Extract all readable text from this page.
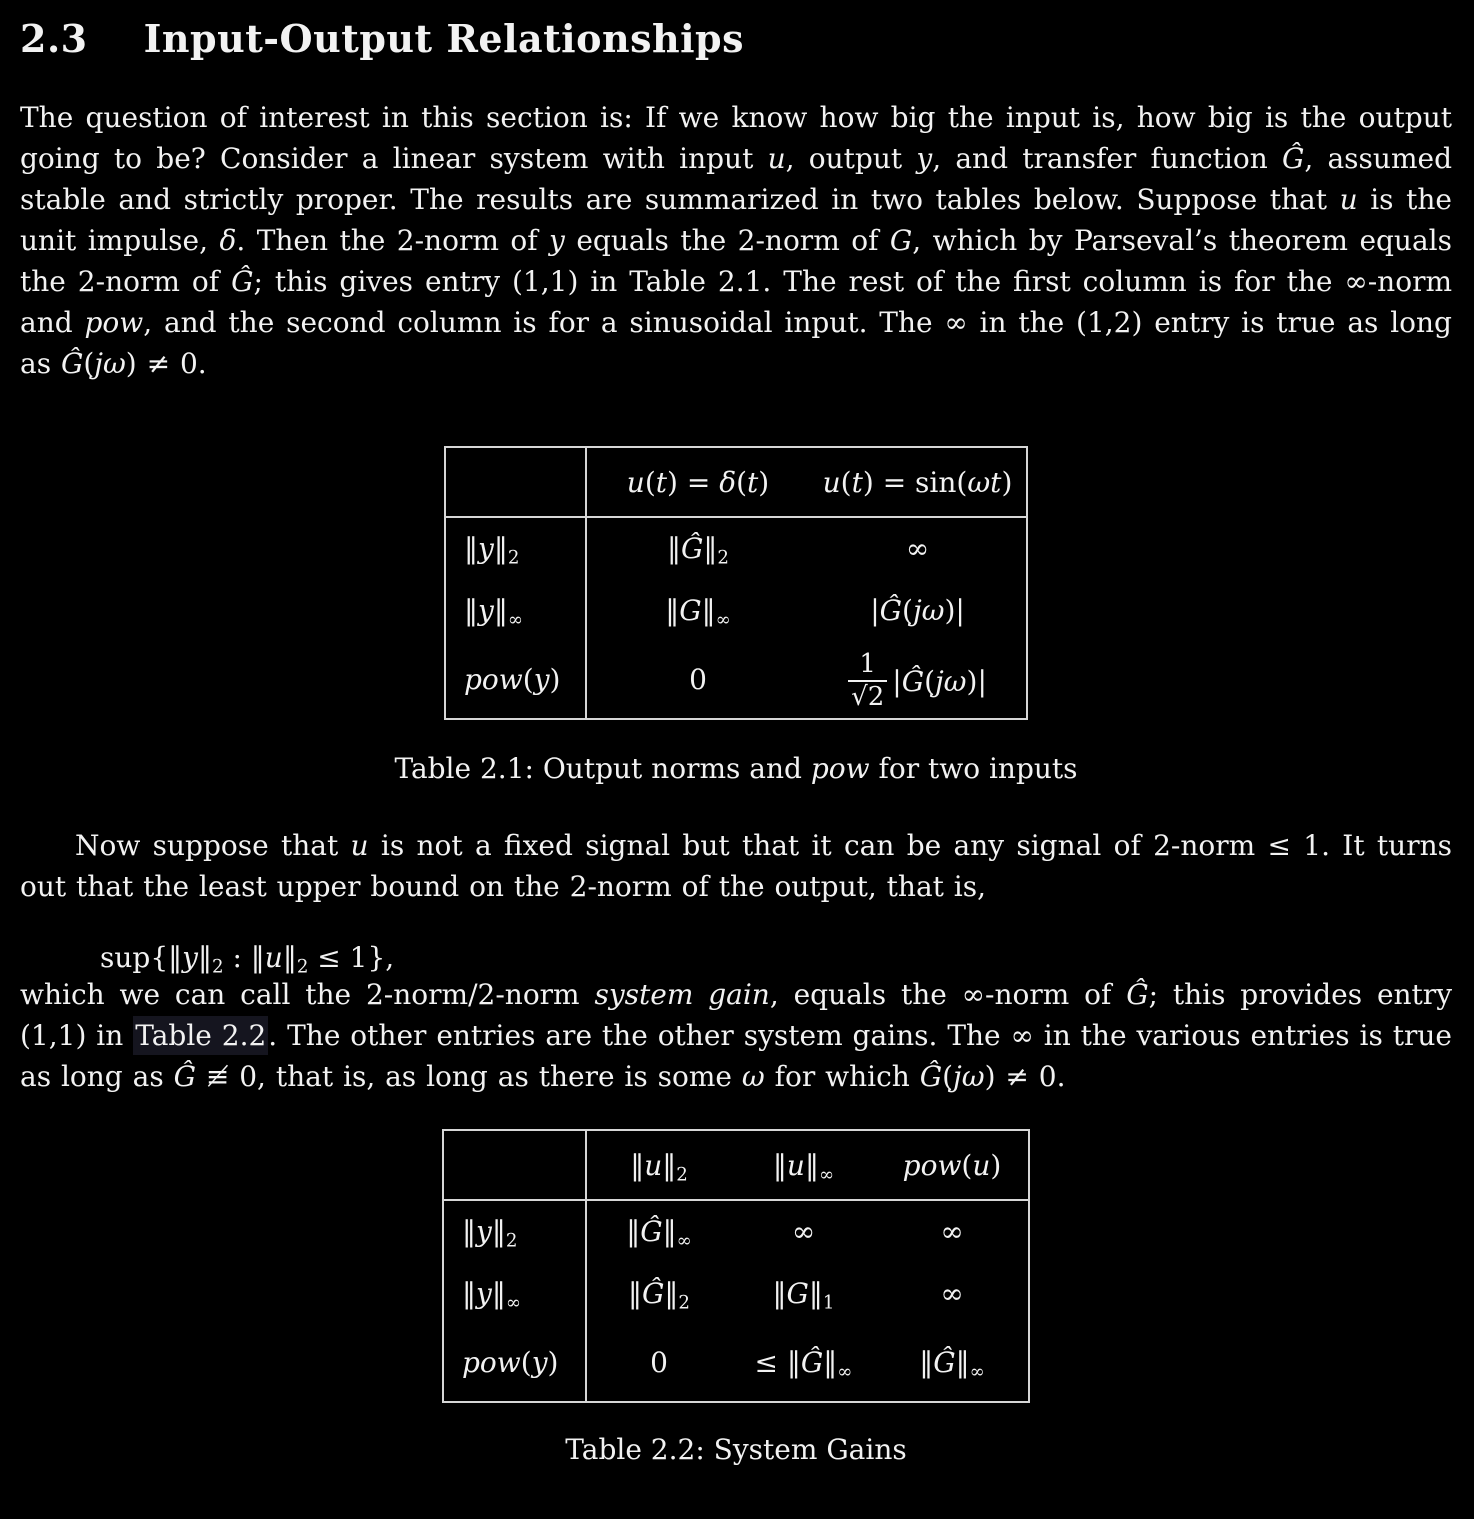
2.3 Input-Output Relationships

The question of interest in this section is: If we know how big the input is, how big is the output going to be? Consider a linear system with input u, output y, and transfer function Ĝ, assumed stable and strictly proper. The results are summarized in two tables below. Suppose that u is the unit impulse, δ. Then the 2-norm of y equals the 2-norm of G, which by Parseval’s theorem equals the 2-norm of Ĝ; this gives entry (1,1) in Table 2.1. The rest of the first column is for the ∞-norm and pow, and the second column is for a sinusoidal input. The ∞ in the (1,2) entry is true as long as Ĝ(jω) ≠ 0.

	u(t) = δ(t)	u(t) = sin(ωt)
‖y‖2	‖Ĝ‖2	∞
‖y‖∞	‖G‖∞	|Ĝ(jω)|
pow(y)	0	$\frac{1}{√2}$ |Ĝ(jω)|
Table 2.1: Output norms and pow for two inputs

Now suppose that u is not a fixed signal but that it can be any signal of 2-norm ≤ 1. It turns out that the least upper bound on the 2-norm of the output, that is,

sup{‖y‖2 : ‖u‖2 ≤ 1},

which we can call the 2-norm/2-norm system gain, equals the ∞-norm of Ĝ; this provides entry (1,1) in Table 2.2. The other entries are the other system gains. The ∞ in the various entries is true as long as Ĝ ≢ 0, that is, as long as there is some ω for which Ĝ(jω) ≠ 0.

	‖u‖2	‖u‖∞	pow(u)
‖y‖2	‖Ĝ‖∞	∞	∞
‖y‖∞	‖Ĝ‖2	‖G‖1	∞
pow(y)	0	≤ ‖Ĝ‖∞	‖Ĝ‖∞
Table 2.2: System Gains
